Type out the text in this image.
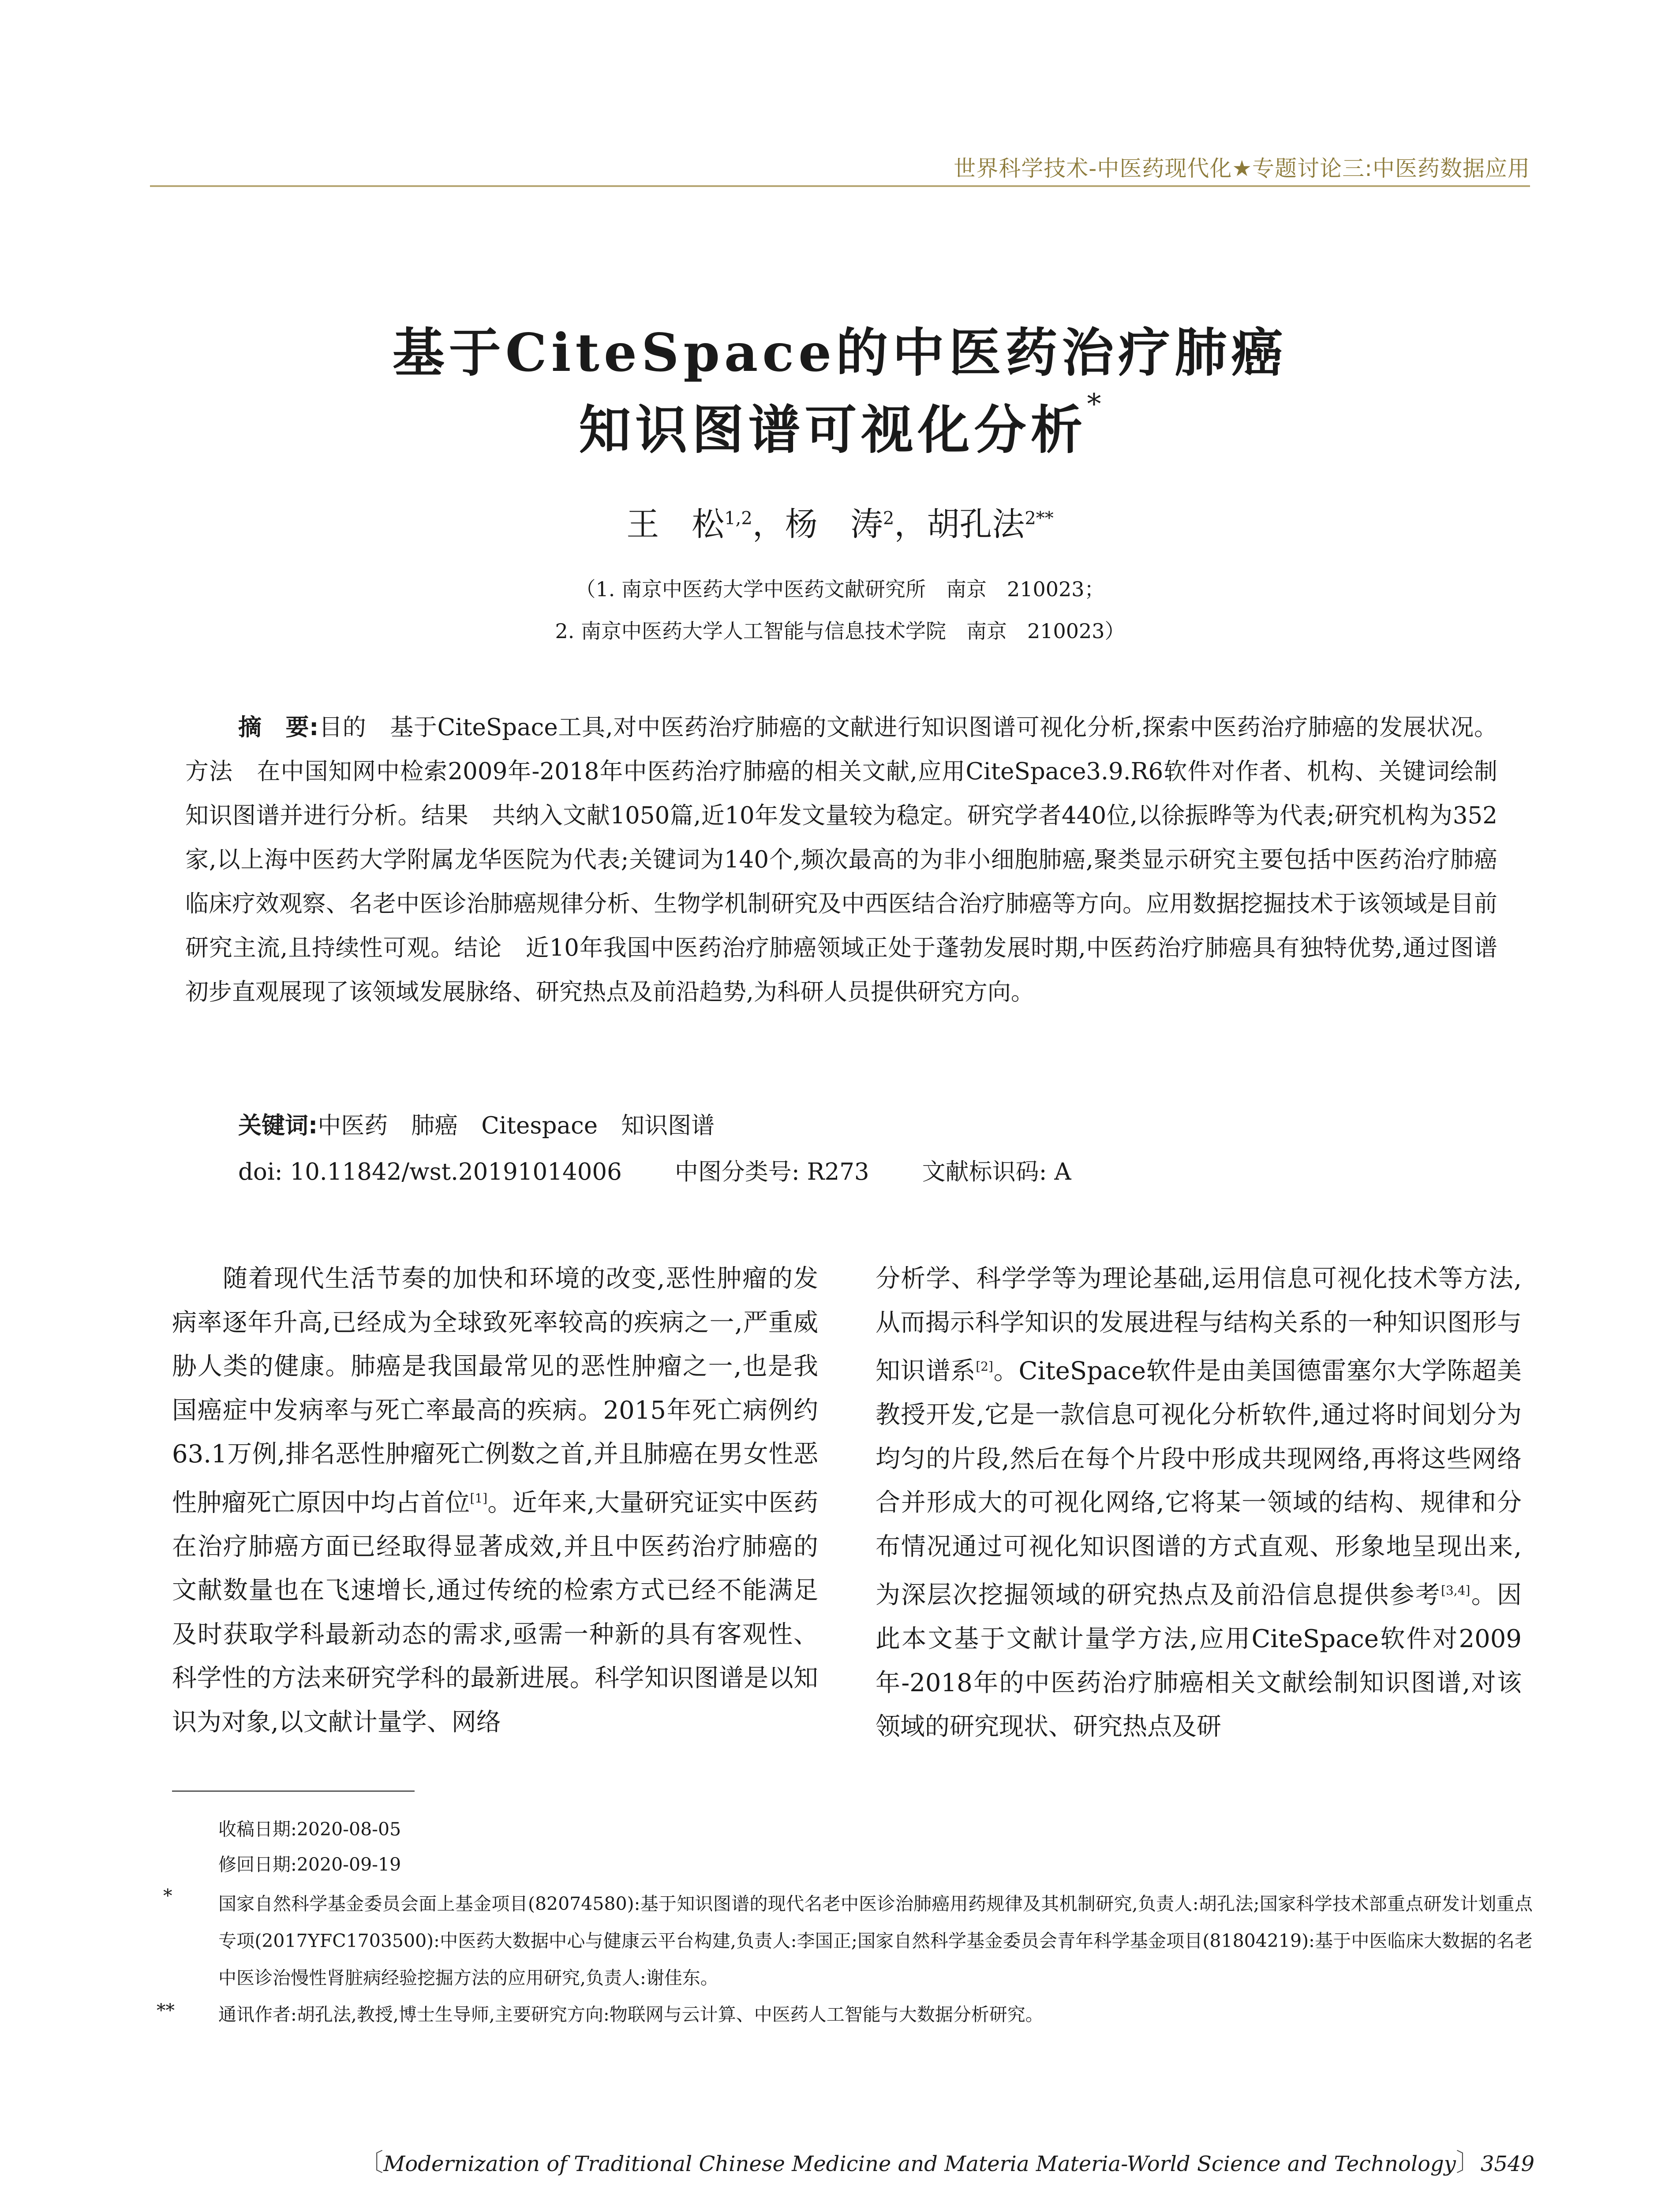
世界科学技术-中医药现代化★专题讨论三:中医药数据应用
基于CiteSpace的中医药治疗肺癌
知识图谱可视化分析*
王　松$^{1,2}$，杨　涛$^2$，胡孔法$^{2**}$
（1. 南京中医药大学中医药文献研究所　南京　210023；
2. 南京中医药大学人工智能与信息技术学院　南京　210023）
摘　要:目的　基于CiteSpace工具,对中医药治疗肺癌的文献进行知识图谱可视化分析,探索中医药治疗肺癌的发展状况。方法　在中国知网中检索2009年-2018年中医药治疗肺癌的相关文献,应用CiteSpace3.9.R6软件对作者、机构、关键词绘制知识图谱并进行分析。结果　共纳入文献1050篇,近10年发文量较为稳定。研究学者440位,以徐振晔等为代表;研究机构为352家,以上海中医药大学附属龙华医院为代表;关键词为140个,频次最高的为非小细胞肺癌,聚类显示研究主要包括中医药治疗肺癌临床疗效观察、名老中医诊治肺癌规律分析、生物学机制研究及中西医结合治疗肺癌等方向。应用数据挖掘技术于该领域是目前研究主流,且持续性可观。结论　近10年我国中医药治疗肺癌领域正处于蓬勃发展时期,中医药治疗肺癌具有独特优势,通过图谱初步直观展现了该领域发展脉络、研究热点及前沿趋势,为科研人员提供研究方向。
关键词:中医药　肺癌　Citespace　知识图谱
doi: 10.11842/wst.20191014006 中图分类号: R273 文献标识码: A
随着现代生活节奏的加快和环境的改变,恶性肿瘤的发病率逐年升高,已经成为全球致死率较高的疾病之一,严重威胁人类的健康。肺癌是我国最常见的恶性肿瘤之一,也是我国癌症中发病率与死亡率最高的疾病。2015年死亡病例约63.1万例,排名恶性肿瘤死亡例数之首,并且肺癌在男女性恶性肿瘤死亡原因中均占首位[1]。近年来,大量研究证实中医药在治疗肺癌方面已经取得显著成效,并且中医药治疗肺癌的文献数量也在飞速增长,通过传统的检索方式已经不能满足及时获取学科最新动态的需求,亟需一种新的具有客观性、科学性的方法来研究学科的最新进展。科学知识图谱是以知识为对象,以文献计量学、网络
分析学、科学学等为理论基础,运用信息可视化技术等方法,从而揭示科学知识的发展进程与结构关系的一种知识图形与知识谱系[2]。CiteSpace软件是由美国德雷塞尔大学陈超美教授开发,它是一款信息可视化分析软件,通过将时间划分为均匀的片段,然后在每个片段中形成共现网络,再将这些网络合并形成大的可视化网络,它将某一领域的结构、规律和分布情况通过可视化知识图谱的方式直观、形象地呈现出来,为深层次挖掘领域的研究热点及前沿信息提供参考[3,4]。因此本文基于文献计量学方法,应用CiteSpace软件对2009年-2018年的中医药治疗肺癌相关文献绘制知识图谱,对该领域的研究现状、研究热点及研
收稿日期:2020-08-05
修回日期:2020-09-19
*	国家自然科学基金委员会面上基金项目(82074580):基于知识图谱的现代名老中医诊治肺癌用药规律及其机制研究,负责人:胡孔法;国家科学技术部重点研发计划重点专项(2017YFC1703500):中医药大数据中心与健康云平台构建,负责人:李国正;国家自然科学基金委员会青年科学基金项目(81804219):基于中医临床大数据的名老中医诊治慢性肾脏病经验挖掘方法的应用研究,负责人:谢佳东。
** 通讯作者:胡孔法,教授,博士生导师,主要研究方向:物联网与云计算、中医药人工智能与大数据分析研究。
〔Modernization of Traditional Chinese Medicine and Materia Materia-World Science and Technology〕3549
